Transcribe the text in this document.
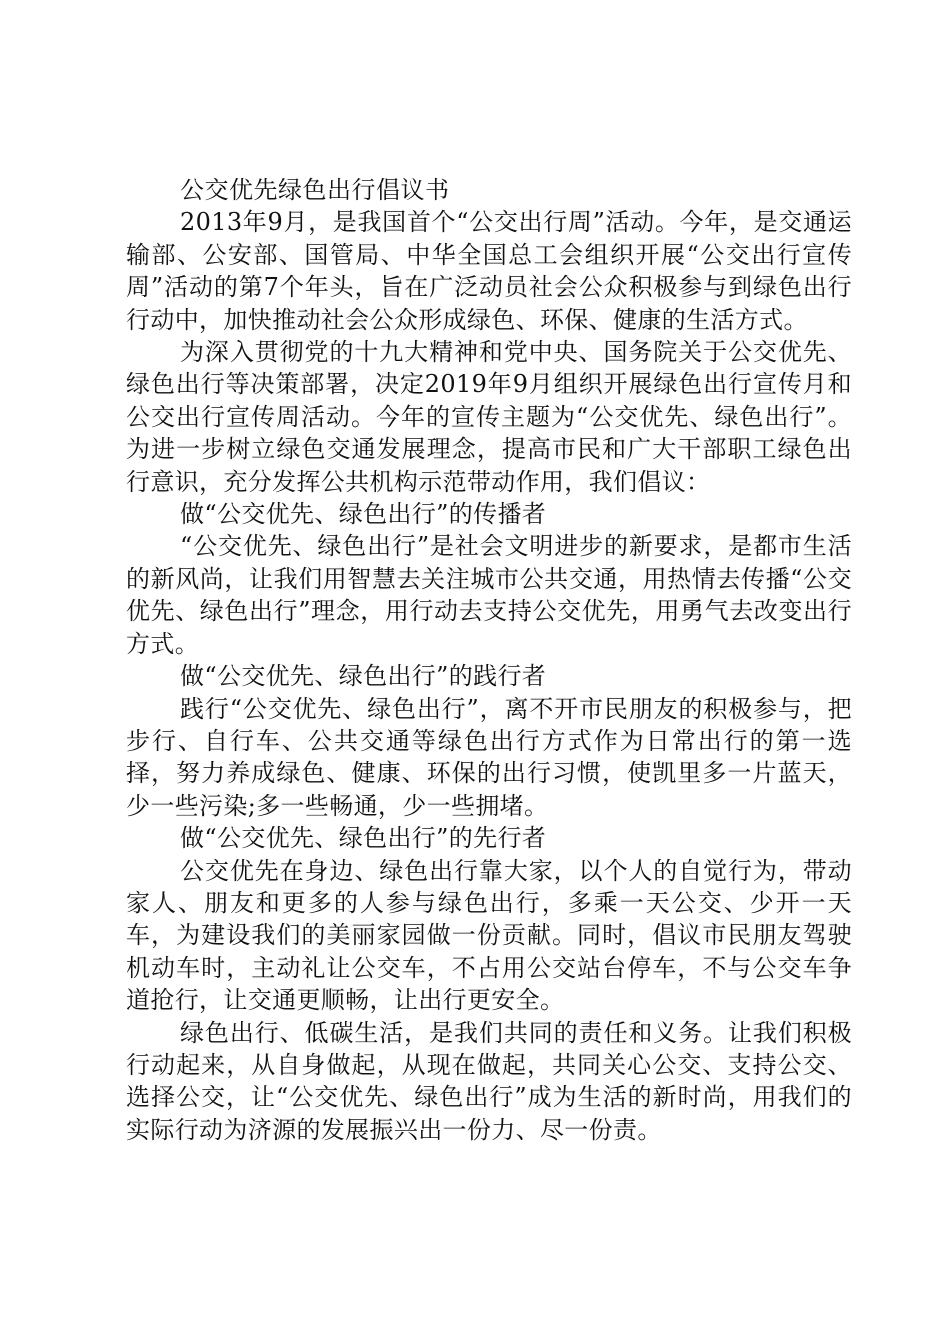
公交优先绿色出行倡议书

2013年9月，是我国首个“公交出行周”活动。今年，是交通运输部、公安部、国管局、中华全国总工会组织开展“公交出行宣传周”活动的第7个年头，旨在广泛动员社会公众积极参与到绿色出行行动中，加快推动社会公众形成绿色、环保、健康的生活方式。

为深入贯彻党的十九大精神和党中央、国务院关于公交优先、绿色出行等决策部署，决定2019年9月组织开展绿色出行宣传月和公交出行宣传周活动。今年的宣传主题为“公交优先、绿色出行”。为进一步树立绿色交通发展理念，提高市民和广大干部职工绿色出行意识，充分发挥公共机构示范带动作用，我们倡议：

做“公交优先、绿色出行”的传播者

“公交优先、绿色出行”是社会文明进步的新要求，是都市生活的新风尚，让我们用智慧去关注城市公共交通，用热情去传播“公交优先、绿色出行”理念，用行动去支持公交优先，用勇气去改变出行方式。

做“公交优先、绿色出行”的践行者

践行“公交优先、绿色出行”，离不开市民朋友的积极参与，把步行、自行车、公共交通等绿色出行方式作为日常出行的第一选择，努力养成绿色、健康、环保的出行习惯，使凯里多一片蓝天，少一些污染;多一些畅通，少一些拥堵。

做“公交优先、绿色出行”的先行者

公交优先在身边、绿色出行靠大家，以个人的自觉行为，带动家人、朋友和更多的人参与绿色出行，多乘一天公交、少开一天车，为建设我们的美丽家园做一份贡献。同时，倡议市民朋友驾驶机动车时，主动礼让公交车，不占用公交站台停车，不与公交车争道抢行，让交通更顺畅，让出行更安全。

绿色出行、低碳生活，是我们共同的责任和义务。让我们积极行动起来，从自身做起，从现在做起，共同关心公交、支持公交、选择公交，让“公交优先、绿色出行”成为生活的新时尚，用我们的实际行动为济源的发展振兴出一份力、尽一份责。
